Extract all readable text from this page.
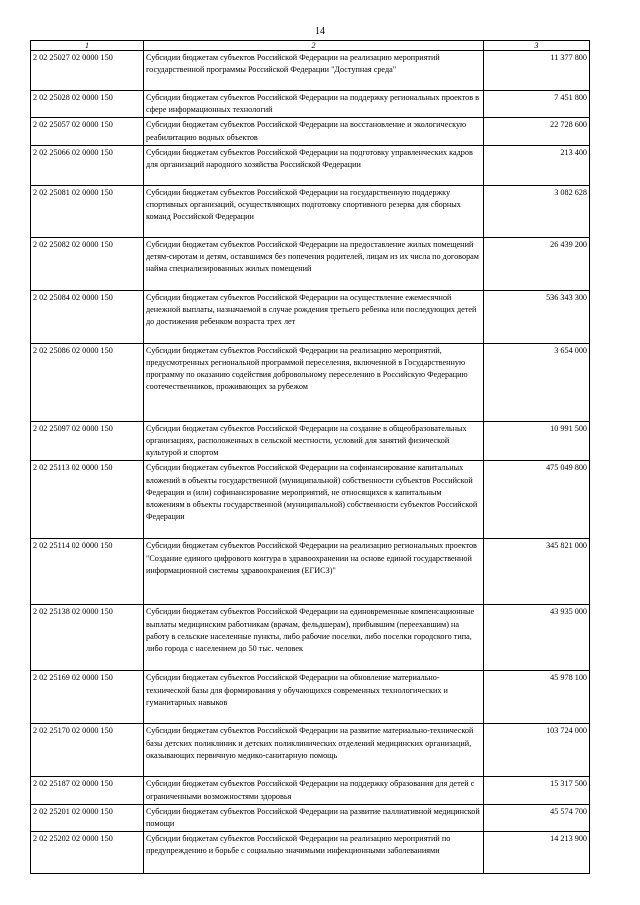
14
1	2	3
2 02 25027 02 0000 150	Субсидии бюджетам субъектов Российской Федерации на реализацию мероприятий государственной программы Российской Федерации "Доступная среда"	11 377 800
2 02 25028 02 0000 150	Субсидии бюджетам субъектов Российской Федерации на поддержку региональных проектов в сфере информационных технологий	7 451 800
2 02 25057 02 0000 150	Субсидии бюджетам субъектов Российской Федерации на восстановление и экологическую реабилитацию водных объектов	22 728 600
2 02 25066 02 0000 150	Субсидии бюджетам субъектов Российской Федерации на подготовку управленческих кадров для организаций народного хозяйства Российской Федерации	213 400
2 02 25081 02 0000 150	Субсидии бюджетам субъектов Российской Федерации на государственную поддержку спортивных организаций, осуществляющих подготовку спортивного резерва для сборных команд Российской Федерации	3 082 628
2 02 25082 02 0000 150	Субсидии бюджетам субъектов Российской Федерации на предоставление жилых помещений детям-сиротам и детям, оставшимся без попечения родителей, лицам из их числа по договорам найма специализированных жилых помещений	26 439 200
2 02 25084 02 0000 150	Субсидии бюджетам субъектов Российской Федерации на осуществление ежемесячной денежной выплаты, назначаемой в случае рождения третьего ребенка или последующих детей до достижения ребенком возраста трех лет	536 343 300
2 02 25086 02 0000 150	Субсидии бюджетам субъектов Российской Федерации на реализацию мероприятий, предусмотренных региональной программой переселения, включенной в Государственную программу по оказанию содействия добровольному переселению в Российскую Федерацию соотечественников, проживающих за рубежом	3 654 000
2 02 25097 02 0000 150	Субсидии бюджетам субъектов Российской Федерации на создание в общеобразовательных организациях, расположенных в сельской местности, условий для занятий физической культурой и спортом	10 991 500
2 02 25113 02 0000 150	Субсидии бюджетам субъектов Российской Федерации на софинансирование капитальных вложений в объекты государственной (муниципальной) собственности субъектов Российской Федерации и (или) софинансирование мероприятий, не относящихся к капитальным вложениям в объекты государственной (муниципальной) собственности субъектов Российской Федерации	475 049 800
2 02 25114 02 0000 150	Субсидии бюджетам субъектов Российской Федерации на реализацию региональных проектов "Создание единого цифрового контура в здравоохранении на основе единой государственной информационной системы здравоохранения (ЕГИСЗ)"	345 821 000
2 02 25138 02 0000 150	Субсидии бюджетам субъектов Российской Федерации на единовременные компенсационные выплаты медицинским работникам (врачам, фельдшерам), прибывшим (переехавшим) на работу в сельские населенные пункты, либо рабочие поселки, либо поселки городского типа, либо города с населением до 50 тыс. человек	43 935 000
2 02 25169 02 0000 150	Субсидии бюджетам субъектов Российской Федерации на обновление материально-технической базы для формирования у обучающихся современных технологических и гуманитарных навыков	45 978 100
2 02 25170 02 0000 150	Субсидии бюджетам субъектов Российской Федерации на развитие материально-технической базы детских поликлиник и детских поликлинических отделений медицинских организаций, оказывающих первичную медико-санитарную помощь	103 724 000
2 02 25187 02 0000 150	Субсидии бюджетам субъектов Российской Федерации на поддержку образования для детей с ограниченными возможностями здоровья	15 317 500
2 02 25201 02 0000 150	Субсидии бюджетам субъектов Российской Федерации на развитие паллиативной медицинской помощи	45 574 700
2 02 25202 02 0000 150	Субсидии бюджетам субъектов Российской Федерации на реализацию мероприятий по предупреждению и борьбе с социально значимыми инфекционными заболеваниями	14 213 900
